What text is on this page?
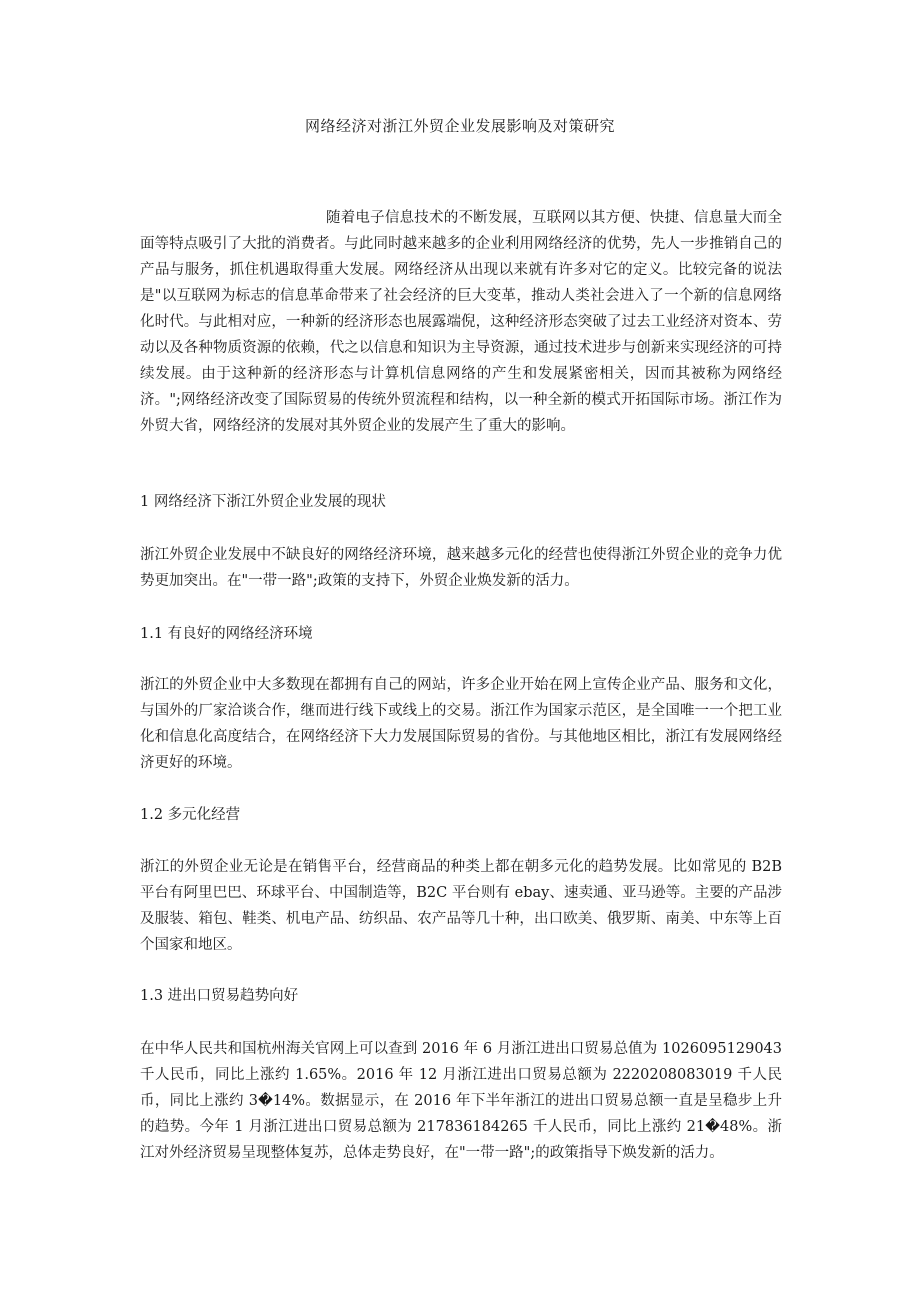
网络经济对浙江外贸企业发展影响及对策研究

随着电子信息技术的不断发展，互联网以其方便、快捷、信息量大而全面等特点吸引了大批的消费者。与此同时越来越多的企业利用网络经济的优势，先人一步推销自己的产品与服务，抓住机遇取得重大发展。网络经济从出现以来就有许多对它的定义。比较完备的说法是"以互联网为标志的信息革命带来了社会经济的巨大变革，推动人类社会进入了一个新的信息网络化时代。与此相对应，一种新的经济形态也展露端倪，这种经济形态突破了过去工业经济对资本、劳动以及各种物质资源的依赖，代之以信息和知识为主导资源，通过技术进步与创新来实现经济的可持续发展。由于这种新的经济形态与计算机信息网络的产生和发展紧密相关，因而其被称为网络经济。";网络经济改变了国际贸易的传统外贸流程和结构，以一种全新的模式开拓国际市场。浙江作为外贸大省，网络经济的发展对其外贸企业的发展产生了重大的影响。

1 网络经济下浙江外贸企业发展的现状

浙江外贸企业发展中不缺良好的网络经济环境，越来越多元化的经营也使得浙江外贸企业的竞争力优势更加突出。在"一带一路";政策的支持下，外贸企业焕发新的活力。

1.1 有良好的网络经济环境

浙江的外贸企业中大多数现在都拥有自己的网站，许多企业开始在网上宣传企业产品、服务和文化，与国外的厂家洽谈合作，继而进行线下或线上的交易。浙江作为国家示范区，是全国唯一一个把工业化和信息化高度结合，在网络经济下大力发展国际贸易的省份。与其他地区相比，浙江有发展网络经济更好的环境。

1.2 多元化经营

浙江的外贸企业无论是在销售平台，经营商品的种类上都在朝多元化的趋势发展。比如常见的 B2B 平台有阿里巴巴、环球平台、中国制造等，B2C 平台则有 ebay、速卖通、亚马逊等。主要的产品涉及服装、箱包、鞋类、机电产品、纺织品、农产品等几十种，出口欧美、俄罗斯、南美、中东等上百个国家和地区。

1.3 进出口贸易趋势向好

在中华人民共和国杭州海关官网上可以查到 2016 年 6 月浙江进出口贸易总值为 1026095129043 千人民币，同比上涨约 1.65%。2016 年 12 月浙江进出口贸易总额为 2220208083019 千人民币，同比上涨约 3�14%。数据显示，在 2016 年下半年浙江的进出口贸易总额一直是呈稳步上升的趋势。今年 1 月浙江进出口贸易总额为 217836184265 千人民币，同比上涨约 21�48%。浙江对外经济贸易呈现整体复苏，总体走势良好，在"一带一路";的政策指导下焕发新的活力。
